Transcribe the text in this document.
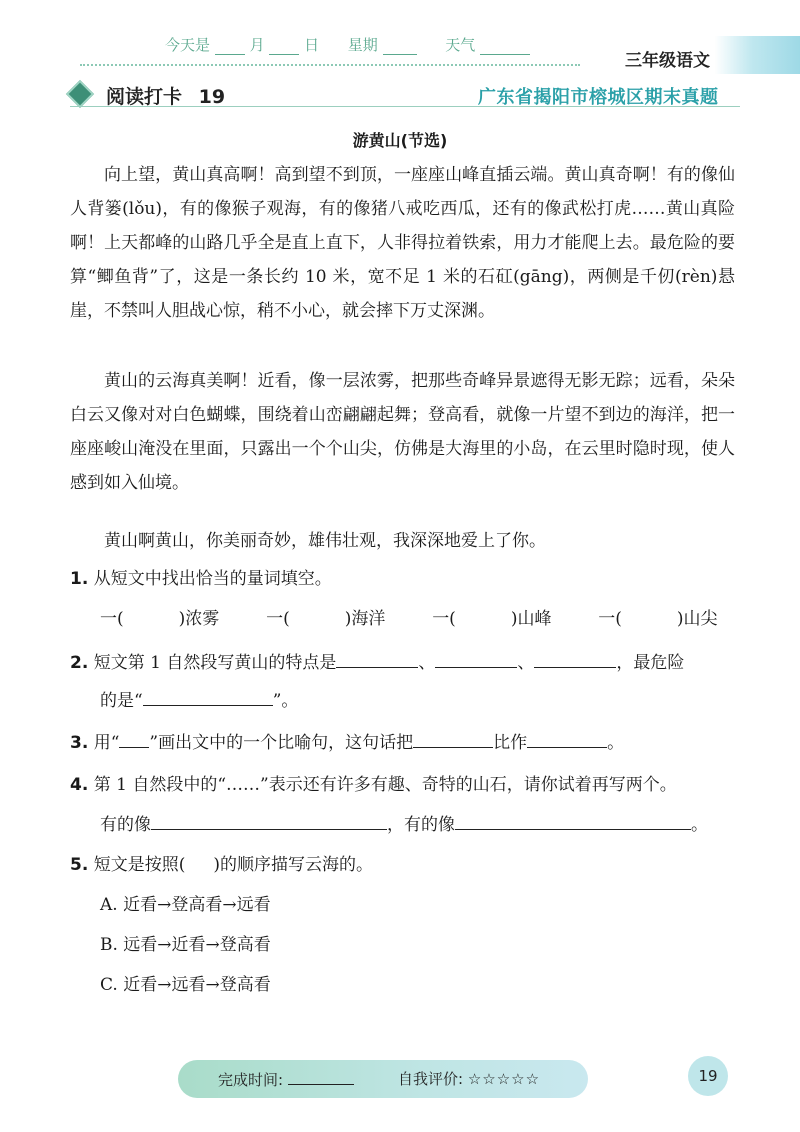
今天是	月	日 星期	天气
三年级语文
阅读打卡 19	广东省揭阳市榕城区期末真题
游黄山(节选)

向上望，黄山真高啊！高到望不到顶，一座座山峰直插云端。黄山真奇啊！有的像仙人背篓(lǒu)，有的像猴子观海，有的像猪八戒吃西瓜，还有的像武松打虎……黄山真险啊！上天都峰的山路几乎全是直上直下，人非得拉着铁索，用力才能爬上去。最危险的要算“鲫鱼背”了，这是一条长约 10 米，宽不足 1 米的石矼(gāng)，两侧是千仞(rèn)悬崖，不禁叫人胆战心惊，稍不小心，就会摔下万丈深渊。

黄山的云海真美啊！近看，像一层浓雾，把那些奇峰异景遮得无影无踪；远看，朵朵白云又像对对白色蝴蝶，围绕着山峦翩翩起舞；登高看，就像一片望不到边的海洋，把一座座峻山淹没在里面，只露出一个个山尖，仿佛是大海里的小岛，在云里时隐时现，使人感到如入仙境。

黄山啊黄山，你美丽奇妙，雄伟壮观，我深深地爱上了你。

1. 从短文中找出恰当的量词填空。
一(	)浓雾	一(	)海洋	一(	)山峰	一(	)山尖
2. 短文第 1 自然段写黄山的特点是	、	、	，最危险
的是“	”。
3. 用“ ”画出文中的一个比喻句，这句话把	比作	。
4. 第 1 自然段中的“……”表示还有许多有趣、奇特的山石，请你试着再写两个。
有的像	，有的像	。
5. 短文是按照( )的顺序描写云海的。
A. 近看→登高看→远看
B. 远看→近看→登高看
C. 近看→远看→登高看
完成时间:	自我评价: ☆☆☆☆☆	19
